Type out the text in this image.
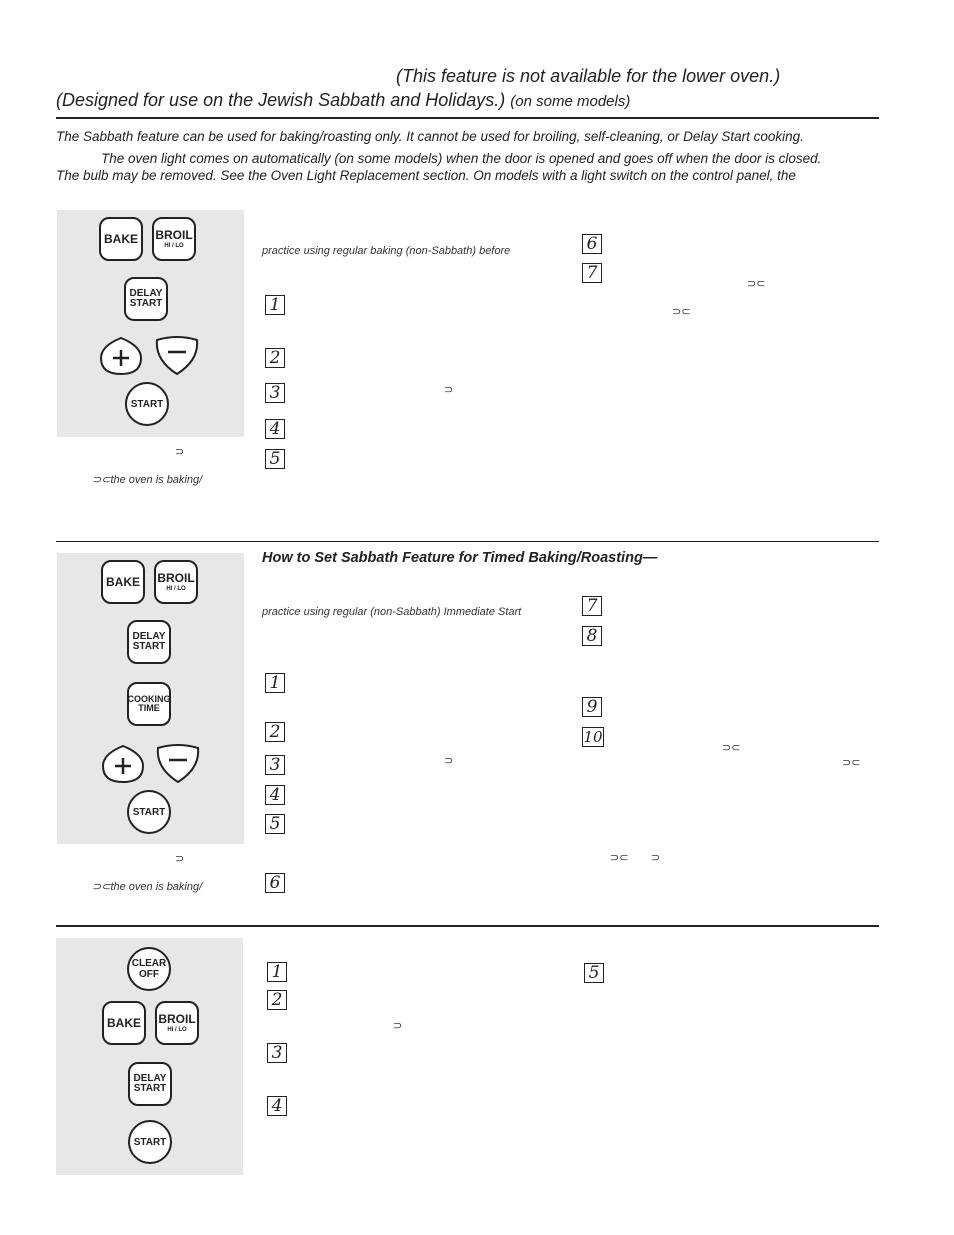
(This feature is not available for the lower oven.)
(Designed for use on the Jewish Sabbath and Holidays.) (on some models)
The Sabbath feature can be used for baking/roasting only. It cannot be used for broiling, self-cleaning, or Delay Start cooking.
The oven light comes on automatically (on some models) when the door is opened and goes off when the door is closed.
The bulb may be removed. See the Oven Light Replacement section. On models with a light switch on the control panel, the
BAKE BROIL
HI / LO
DELAY
START
START
⊃
⊃⊂the oven is baking/
practice using regular baking (non-Sabbath) before
1
2
3	⊃
4
5
6
7
⊃⊂
⊃⊂
BAKE BROIL
HI / LO
DELAY
START
COOKING
TIME
START
⊃
⊃⊂the oven is baking/
How to Set Sabbath Feature for Timed Baking/Roasting—
practice using regular (non-Sabbath) Immediate Start
1
2
3	⊃
4
5
6
7
8
9
10
⊃⊂
⊃⊂
⊃⊂ ⊃
CLEAR
OFF
BAKE BROIL
HI / LO
DELAY
START
START
1
2
⊃
3
4
5
